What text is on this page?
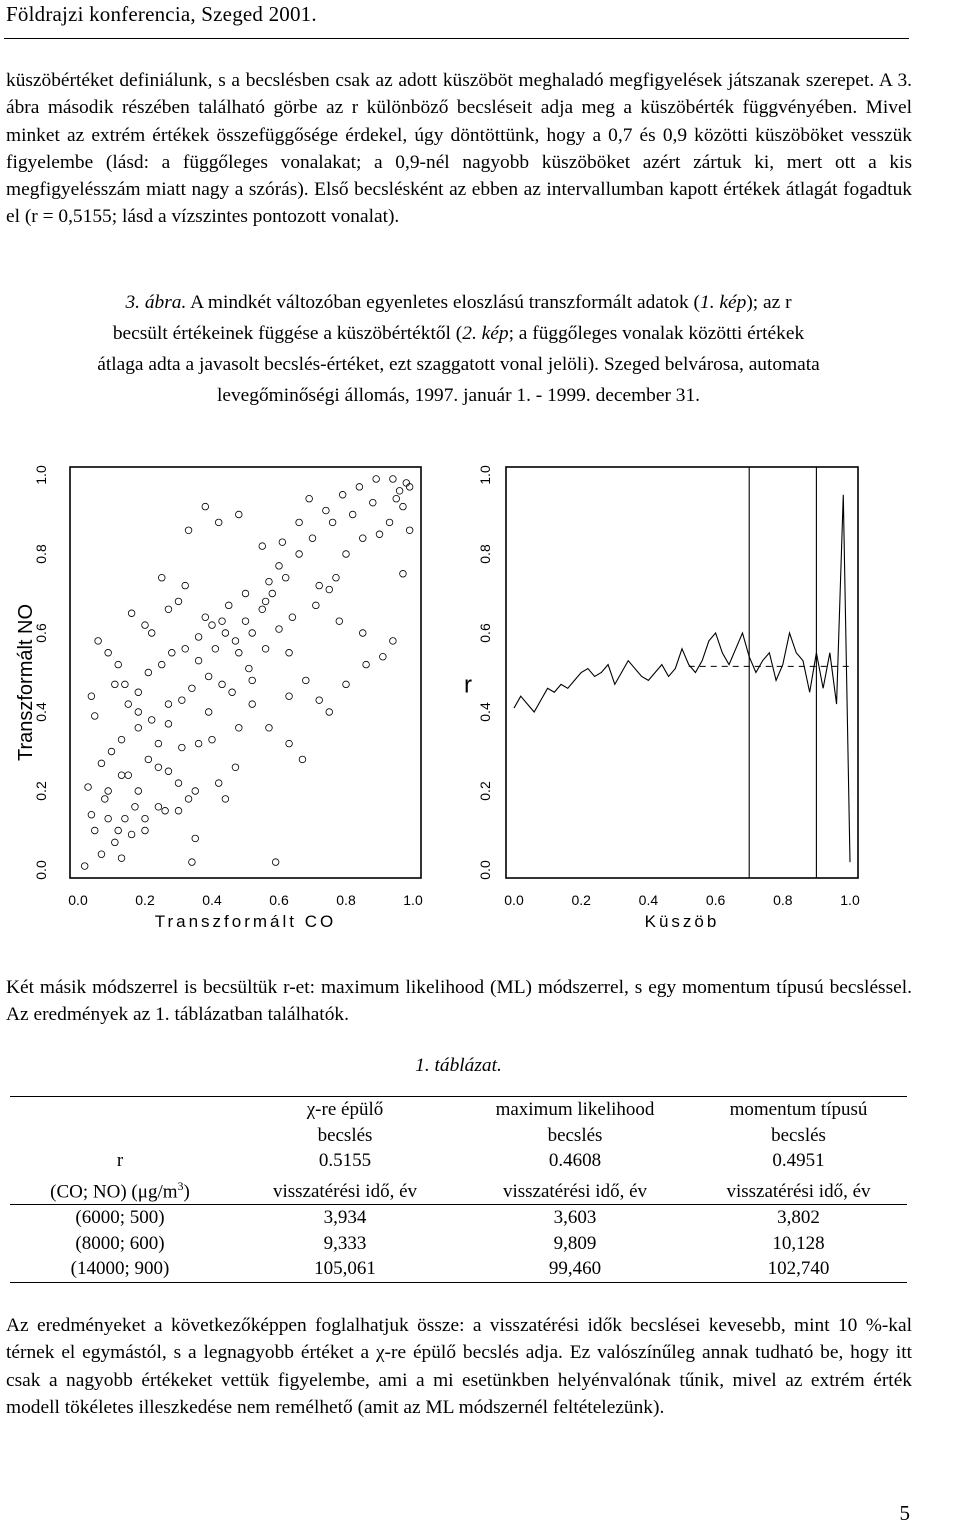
Földrajzi konferencia, Szeged 2001.

küszöbértéket definiálunk, s a becslésben csak az adott küszöböt meghaladó megfigyelések játszanak szerepet. A 3. ábra második részében található görbe az r különböző becsléseit adja meg a küszöbérték függvényében. Mivel minket az extrém értékek összefüggősége érdekel, úgy döntöttünk, hogy a 0,7 és 0,9 közötti küszöböket vesszük figyelembe (lásd: a függőleges vonalakat; a 0,9-nél nagyobb küszöböket azért zártuk ki, mert ott a kis megfigyelésszám miatt nagy a szórás). Első becslésként az ebben az intervallumban kapott értékek átlagát fogadtuk el (r = 0,5155; lásd a vízszintes pontozott vonalat).

3. ábra. A mindkét változóban egyenletes eloszlású transzformált adatok (1. kép); az r
becsült értékeinek függése a küszöbértéktől (2. kép; a függőleges vonalak közötti értékek
átlaga adta a javasolt becslés-értéket, ezt szaggatott vonal jelöli). Szeged belvárosa, automata
levegőminőségi állomás, 1997. január 1. - 1999. december 31.
0.0	0.2	0.4	0.6	0.8	1.0
0.0
0.2
0.4
0.6
0.8
1.0
Transzformált CO
Transzformált NO
0.0	0.2	0.4	0.6	0.8	1.0
0.0
0.2
0.4
0.6
0.8
1.0
Küszöb
r

Két másik módszerrel is becsültük r-et: maximum likelihood (ML) módszerrel, s egy momentum típusú becsléssel. Az eredmények az 1. táblázatban találhatók.

1. táblázat.
	χ-re épülő	maximum likelihood	momentum típusú
	becslés	becslés	becslés
r	0.5155	0.4608	0.4951
(CO; NO) $(\mu g/m^3)$	visszatérési idő, év	visszatérési idő, év	visszatérési idő, év
(6000; 500)	3,934	3,603	3,802
(8000; 600)	9,333	9,809	10,128
(14000; 900)	105,061	99,460	102,740

Az eredményeket a következőképpen foglalhatjuk össze: a visszatérési idők becslései kevesebb, mint 10 %-kal térnek el egymástól, s a legnagyobb értéket a χ-re épülő becslés adja. Ez valószínűleg annak tudható be, hogy itt csak a nagyobb értékeket vettük figyelembe, ami a mi esetünkben helyénvalónak tűnik, mivel az extrém érték modell tökéletes illeszkedése nem remélhető (amit az ML módszernél feltételezünk).

5
